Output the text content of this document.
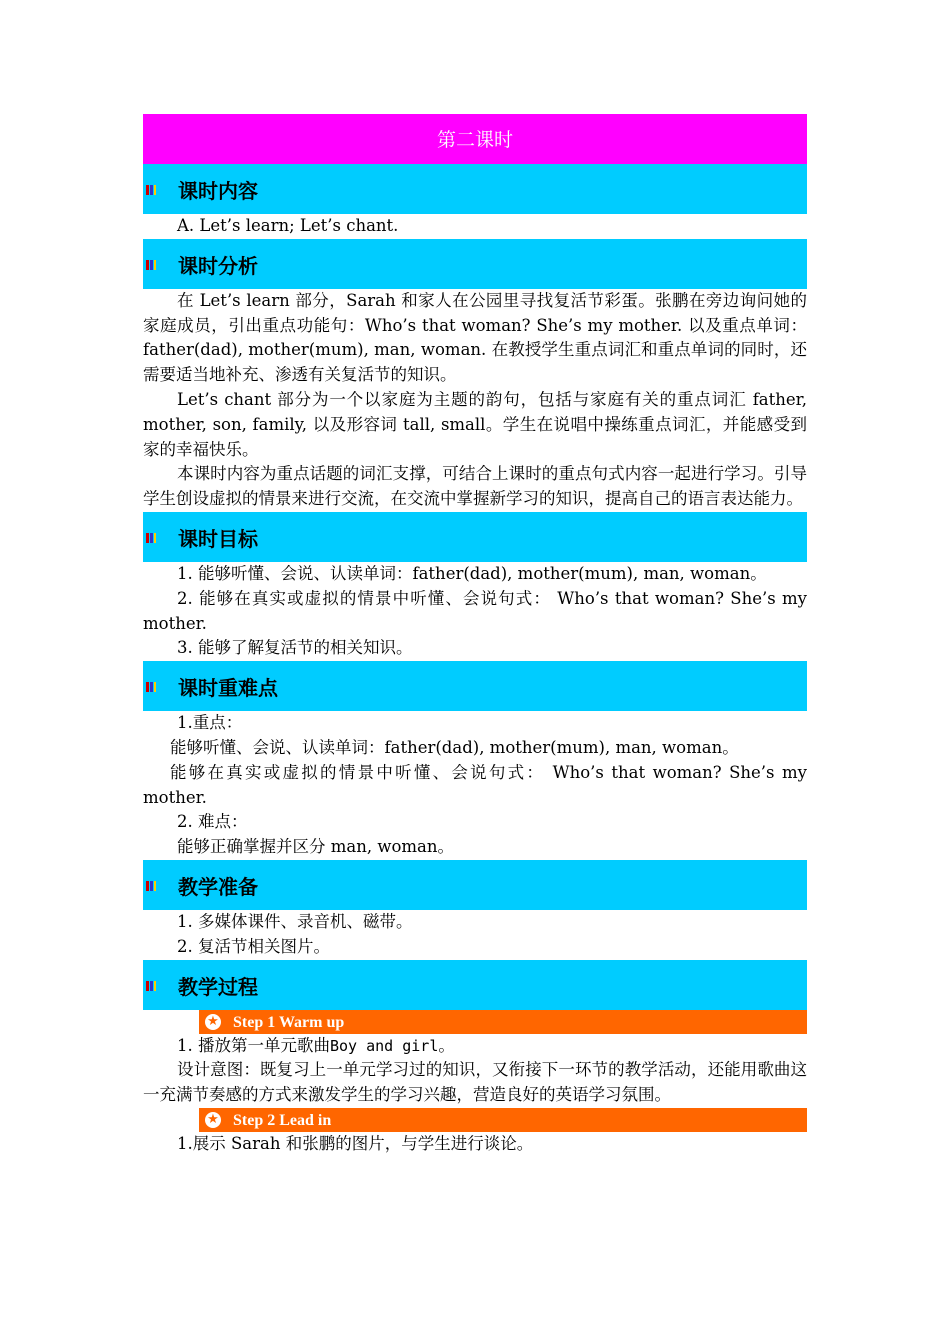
第二课时
课时内容

A. Let’s learn; Let’s chant.

课时分析

在 Let’s learn 部分，Sarah 和家人在公园里寻找复活节彩蛋。张鹏在旁边询问她的家庭成员，引出重点功能句：Who’s that woman? She’s my mother. 以及重点单词：father(dad), mother(mum), man, woman. 在教授学生重点词汇和重点单词的同时，还需要适当地补充、渗透有关复活节的知识。

Let’s chant 部分为一个以家庭为主题的韵句，包括与家庭有关的重点词汇 father, mother, son, family, 以及形容词 tall, small。学生在说唱中操练重点词汇，并能感受到家的幸福快乐。

本课时内容为重点话题的词汇支撑，可结合上课时的重点句式内容一起进行学习。引导学生创设虚拟的情景来进行交流，在交流中掌握新学习的知识，提高自己的语言表达能力。

课时目标

1. 能够听懂、会说、认读单词：father(dad), mother(mum), man, woman。

2. 能够在真实或虚拟的情景中听懂、会说句式： Who’s that woman? She’s my mother.

3. 能够了解复活节的相关知识。

课时重难点

1.重点：

能够听懂、会说、认读单词：father(dad), mother(mum), man, woman。

能够在真实或虚拟的情景中听懂、会说句式： Who’s that woman? She’s my mother.

2. 难点：

能够正确掌握并区分 man, woman。

教学准备

1. 多媒体课件、录音机、磁带。

2. 复活节相关图片。

教学过程
★ Step 1 Warm up

1. 播放第一单元歌曲Boy and girl。

设计意图：既复习上一单元学习过的知识，又衔接下一环节的教学活动，还能用歌曲这一充满节奏感的方式来激发学生的学习兴趣，营造良好的英语学习氛围。

★ Step 2 Lead in

1.展示 Sarah 和张鹏的图片，与学生进行谈论。
